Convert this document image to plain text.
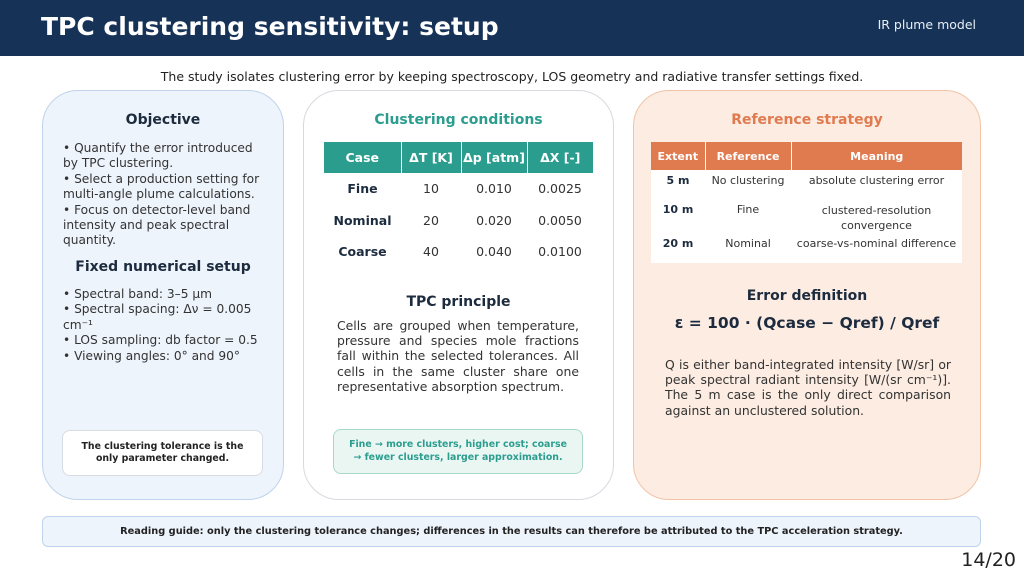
TPC clustering sensitivity: setup	IR plume model
The study isolates clustering error by keeping spectroscopy, LOS geometry and radiative transfer settings fixed.
Objective
• Quantify the error introduced by TPC clustering.
• Select a production setting for multi-angle plume calculations.
• Focus on detector-level band intensity and peak spectral quantity.
Fixed numerical setup
• Spectral band: 3–5 µm
• Spectral spacing: Δν = 0.005 cm⁻¹
• LOS sampling: db factor = 0.5
• Viewing angles: 0° and 90°
The clustering tolerance is the only parameter changed.
Clustering conditions
Case	ΔT [K]	Δp [atm]	ΔX [-]
Fine	10	0.010	0.0025
Nominal	20	0.020	0.0050
Coarse	40	0.040	0.0100
TPC principle
Cells are grouped when temperature, pressure and species mole fractions fall within the selected tolerances. All cells in the same cluster share one representative absorption spectrum.
Fine → more clusters, higher cost; coarse → fewer clusters, larger approximation.
Reference strategy
Extent	Reference	Meaning
5 m	No clustering	absolute clustering error
10 m	Fine	clustered-resolution convergence
20 m	Nominal	coarse-vs-nominal difference
Error definition
ε = 100 · (Qcase − Qref) / Qref
Q is either band-integrated intensity [W/sr] or peak spectral radiant intensity [W/(sr cm⁻¹)]. The 5 m case is the only direct comparison against an unclustered solution.
Reading guide: only the clustering tolerance changes; differences in the results can therefore be attributed to the TPC acceleration strategy.
14/20
